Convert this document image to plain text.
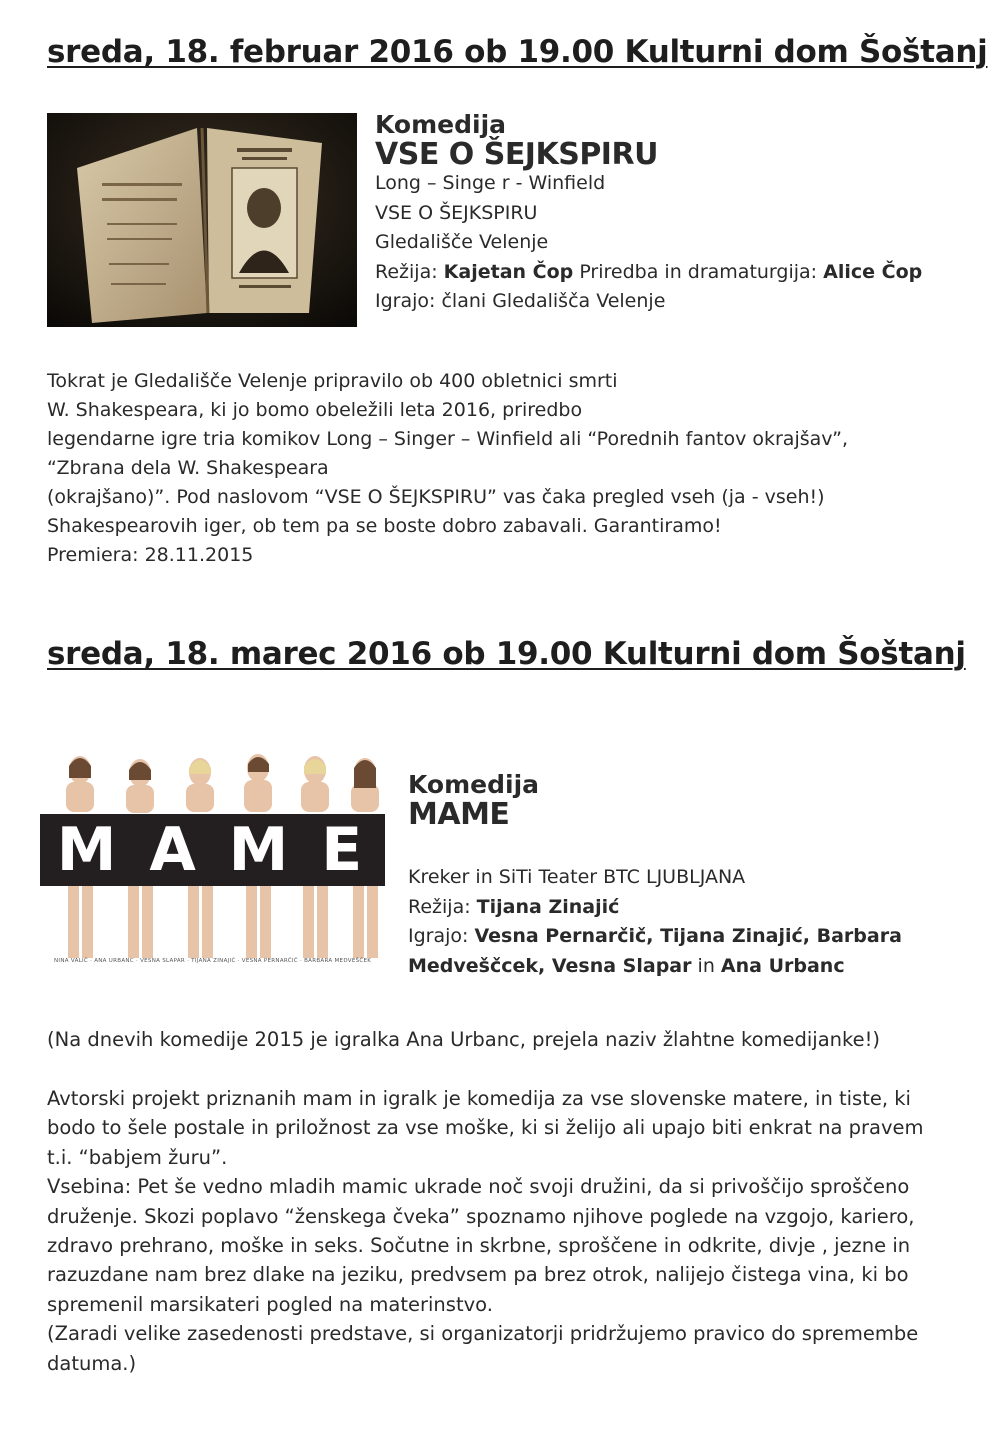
sreda, 18. februar 2016 ob 19.00 Kulturni dom Šoštanj

Komedija

VSE O ŠEJKSPIRU

Long – Singe r - Winfield

VSE O ŠEJKSPIRU

Gledališče Velenje

Režija: Kajetan Čop Priredba in dramaturgija: Alice Čop

Igrajo: člani Gledališča Velenje

Tokrat je Gledališče Velenje pripravilo ob 400 obletnici smrti

W. Shakespeara, ki jo bomo obeležili leta 2016, priredbo

legendarne igre tria komikov Long – Singer – Winfield ali “Porednih fantov okrajšav”,

“Zbrana dela W. Shakespeara

(okrajšano)”. Pod naslovom “VSE O ŠEJKSPIRU” vas čaka pregled vseh (ja - vseh!)

Shakespearovih iger, ob tem pa se boste dobro zabavali. Garantiramo!

Premiera: 28.11.2015

sreda, 18. marec 2016 ob 19.00 Kulturni dom Šoštanj
NINA VALIČ · ANA URBANC · VESNA SLAPAR · TIJANA ZINAJIĆ · VESNA PERNARČIČ · BARBARA MEDVEŠČEK
M A M E

Komedija

MAME

Kreker in SiTi Teater BTC LJUBLJANA

Režija: Tijana Zinajić

Igrajo: Vesna Pernarčič, Tijana Zinajić, Barbara

Medveščcek, Vesna Slapar in Ana Urbanc

(Na dnevih komedije 2015 je igralka Ana Urbanc, prejela naziv žlahtne komedijanke!)

Avtorski projekt priznanih mam in igralk je komedija za vse slovenske matere, in tiste, ki

bodo to šele postale in priložnost za vse moške, ki si želijo ali upajo biti enkrat na pravem

t.i. “babjem žuru”.

Vsebina: Pet še vedno mladih mamic ukrade noč svoji družini, da si privoščijo sproščeno

druženje. Skozi poplavo “ženskega čveka” spoznamo njihove poglede na vzgojo, kariero,

zdravo prehrano, moške in seks. Sočutne in skrbne, sproščene in odkrite, divje , jezne in

razuzdane nam brez dlake na jeziku, predvsem pa brez otrok, nalijejo čistega vina, ki bo

spremenil marsikateri pogled na materinstvo.

(Zaradi velike zasedenosti predstave, si organizatorji pridržujemo pravico do spremembe

datuma.)
